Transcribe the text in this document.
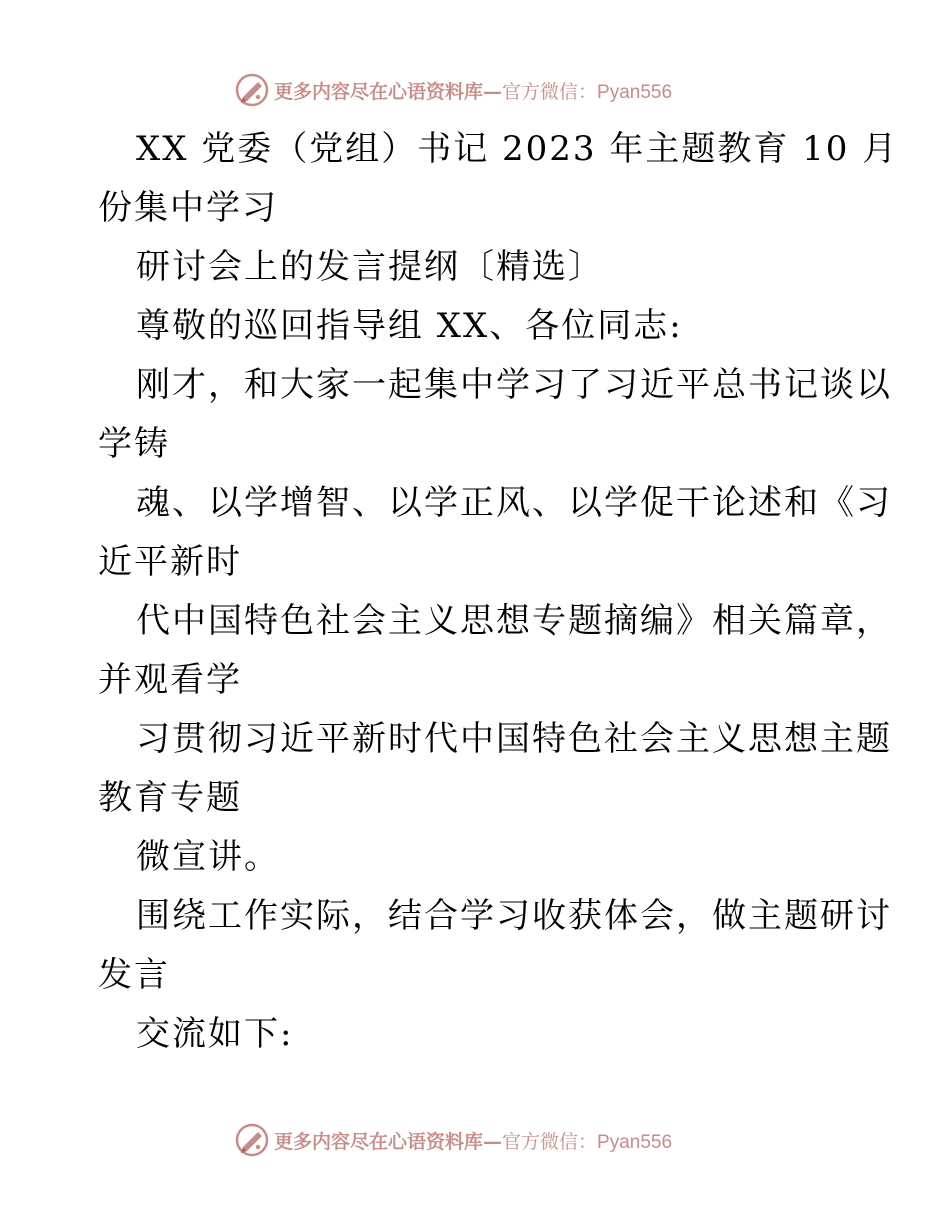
更多内容尽在心语资料库—官方微信：Pyan556
XX 党委（党组）书记 2023 年主题教育 10 月
份集中学习
研讨会上的发言提纲〔精选〕
尊敬的巡回指导组 XX、各位同志:
刚才，和大家一起集中学习了习近平总书记谈以
学铸
魂、以学增智、以学正风、以学促干论述和《习
近平新时
代中国特色社会主义思想专题摘编》相关篇章，
并观看学
习贯彻习近平新时代中国特色社会主义思想主题
教育专题
微宣讲。
围绕工作实际，结合学习收获体会，做主题研讨
发言
交流如下:
更多内容尽在心语资料库—官方微信：Pyan556
